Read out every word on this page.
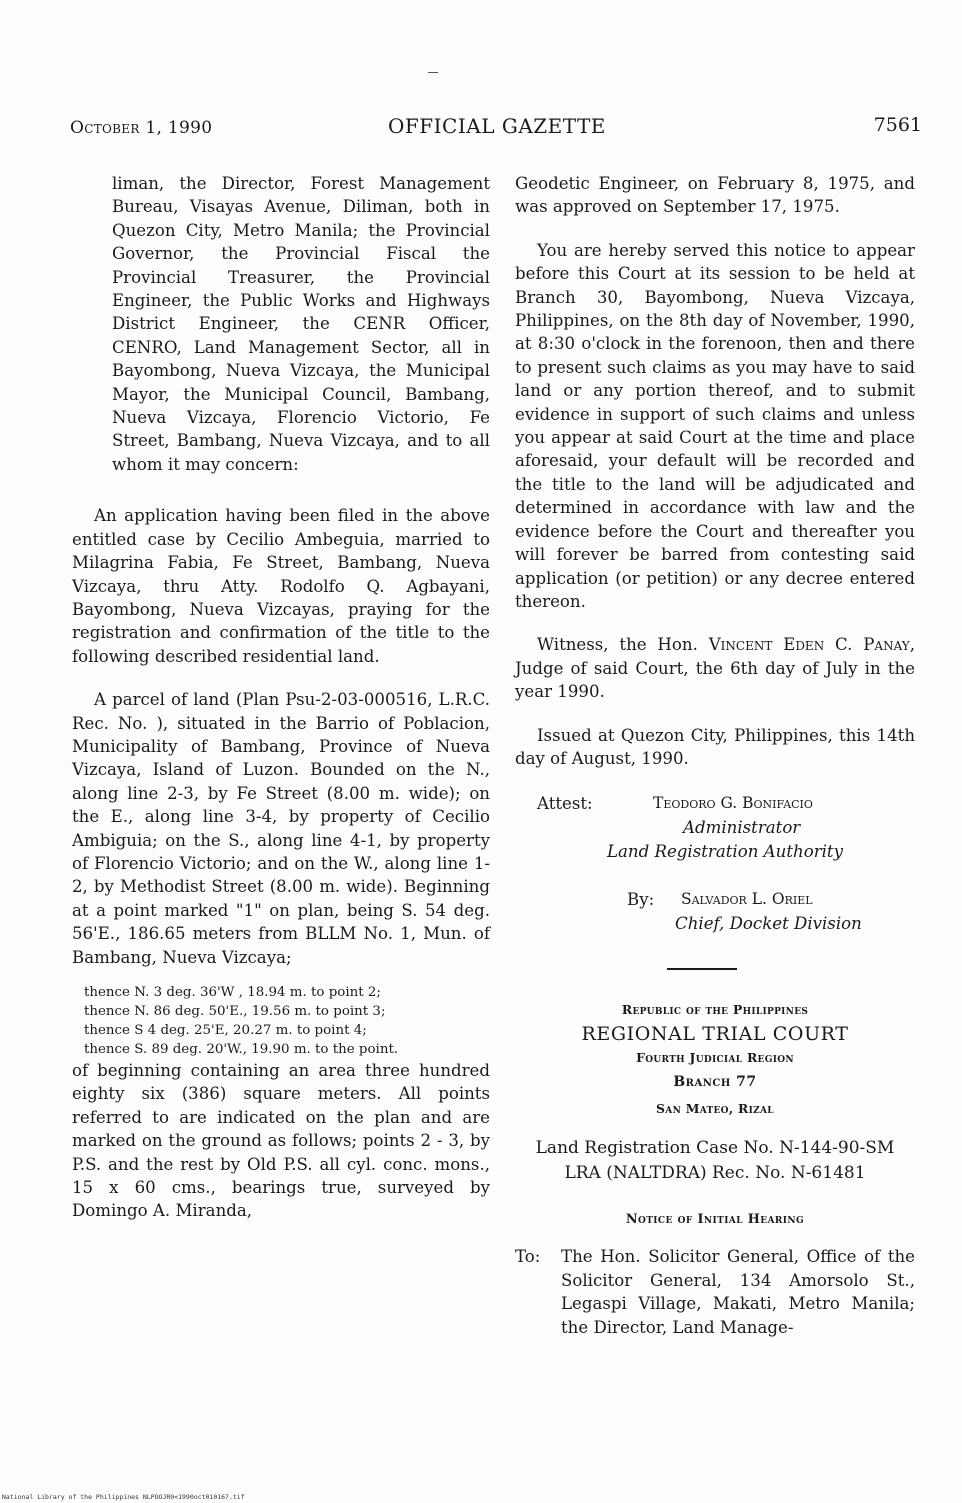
October 1, 1990	OFFICIAL GAZETTE	7561

liman, the Director, Forest Management Bureau, Visayas Avenue, Diliman, both in Quezon City, Metro Manila; the Provincial Governor, the Provincial Fiscal the Provincial Treasurer, the Provincial Engineer, the Public Works and Highways District Engineer, the CENR Officer, CENRO, Land Management Sector, all in Bayombong, Nueva Vizcaya, the Municipal Mayor, the Municipal Council, Bambang, Nueva Vizcaya, Florencio Victorio, Fe Street, Bambang, Nueva Vizcaya, and to all whom it may concern:

An application having been filed in the above entitled case by Cecilio Ambeguia, married to Milagrina Fabia, Fe Street, Bambang, Nueva Vizcaya, thru Atty. Rodolfo Q. Agbayani, Bayombong, Nueva Vizcayas, praying for the registration and confirmation of the title to the following described residential land.

A parcel of land (Plan Psu-2-03-000516, L.R.C. Rec. No. ), situated in the Barrio of Poblacion, Municipality of Bambang, Province of Nueva Vizcaya, Island of Luzon. Bounded on the N., along line 2-3, by Fe Street (8.00 m. wide); on the E., along line 3-4, by property of Cecilio Ambiguia; on the S., along line 4-1, by property of Florencio Victorio; and on the W., along line 1-2, by Methodist Street (8.00 m. wide). Beginning at a point marked "1" on plan, being S. 54 deg. 56'E., 186.65 meters from BLLM No. 1, Mun. of Bambang, Nueva Vizcaya;

thence N. 3 deg. 36'W , 18.94 m. to point 2;
thence N. 86 deg. 50'E., 19.56 m. to point 3;
thence S 4 deg. 25'E, 20.27 m. to point 4;
thence S. 89 deg. 20'W., 19.90 m. to the point.

of beginning containing an area three hundred eighty six (386) square meters. All points referred to are indicated on the plan and are marked on the ground as follows; points 2 - 3, by P.S. and the rest by Old P.S. all cyl. conc. mons., 15 x 60 cms., bearings true, surveyed by Domingo A. Miranda,

Geodetic Engineer, on February 8, 1975, and was approved on September 17, 1975.

You are hereby served this notice to appear before this Court at its session to be held at Branch 30, Bayombong, Nueva Vizcaya, Philippines, on the 8th day of November, 1990, at 8:30 o'clock in the forenoon, then and there to present such claims as you may have to said land or any portion thereof, and to submit evidence in support of such claims and unless you appear at said Court at the time and place aforesaid, your default will be recorded and the title to the land will be adjudicated and determined in accordance with law and the evidence before the Court and thereafter you will forever be barred from contesting said application (or petition) or any decree entered thereon.

Witness, the Hon. Vincent Eden C. Panay, Judge of said Court, the 6th day of July in the year 1990.

Issued at Quezon City, Philippines, this 14th day of August, 1990.

Attest:	Teodoro G. Bonifacio
Administrator
Land Registration Authority
By: Salvador L. Oriel
Chief, Docket Division
Republic of the Philippines
REGIONAL TRIAL COURT
Fourth Judicial Region
Branch 77
San Mateo, Rizal
Land Registration Case No. N-144-90-SM
LRA (NALTDRA) Rec. No. N-61481
Notice of Initial Hearing
To:	The Hon. Solicitor General, Office of the Solicitor General, 134 Amorsolo St., Legaspi Village, Makati, Metro Manila; the Director, Land Manage-

National Library of the Philippines NLPOOJR0<1990oct010167.tif
